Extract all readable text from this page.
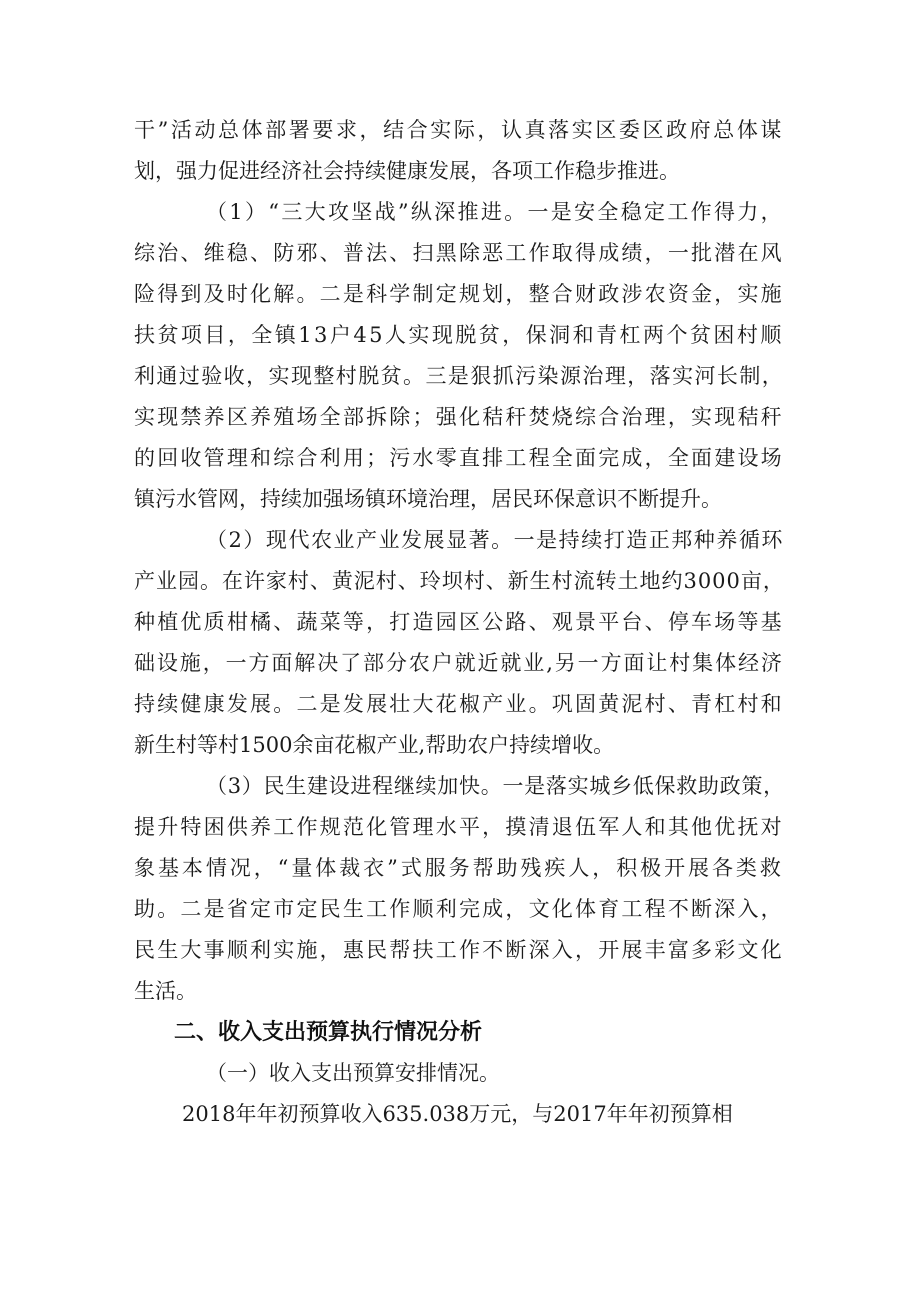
干”活动总体部署要求，结合实际，认真落实区委区政府总体谋
划，强力促进经济社会持续健康发展，各项工作稳步推进。
（1）“三大攻坚战”纵深推进。一是安全稳定工作得力，
综治、维稳、防邪、普法、扫黑除恶工作取得成绩，一批潜在风
险得到及时化解。二是科学制定规划，整合财政涉农资金，实施
扶贫项目，全镇13户45人实现脱贫，保洞和青杠两个贫困村顺
利通过验收，实现整村脱贫。三是狠抓污染源治理，落实河长制，
实现禁养区养殖场全部拆除；强化秸秆焚烧综合治理，实现秸秆
的回收管理和综合利用；污水零直排工程全面完成，全面建设场
镇污水管网，持续加强场镇环境治理，居民环保意识不断提升。
（2）现代农业产业发展显著。一是持续打造正邦种养循环
产业园。在许家村、黄泥村、玲坝村、新生村流转土地约3000亩，
种植优质柑橘、蔬菜等，打造园区公路、观景平台、停车场等基
础设施，一方面解决了部分农户就近就业,另一方面让村集体经济
持续健康发展。二是发展壮大花椒产业。巩固黄泥村、青杠村和
新生村等村1500余亩花椒产业,帮助农户持续增收。
（3）民生建设进程继续加快。一是落实城乡低保救助政策，
提升特困供养工作规范化管理水平，摸清退伍军人和其他优抚对
象基本情况，“量体裁衣”式服务帮助残疾人，积极开展各类救
助。二是省定市定民生工作顺利完成，文化体育工程不断深入，
民生大事顺利实施，惠民帮扶工作不断深入，开展丰富多彩文化
生活。
二、收入支出预算执行情况分析
（一）收入支出预算安排情况。
2018年年初预算收入635.038万元，与2017年年初预算相
